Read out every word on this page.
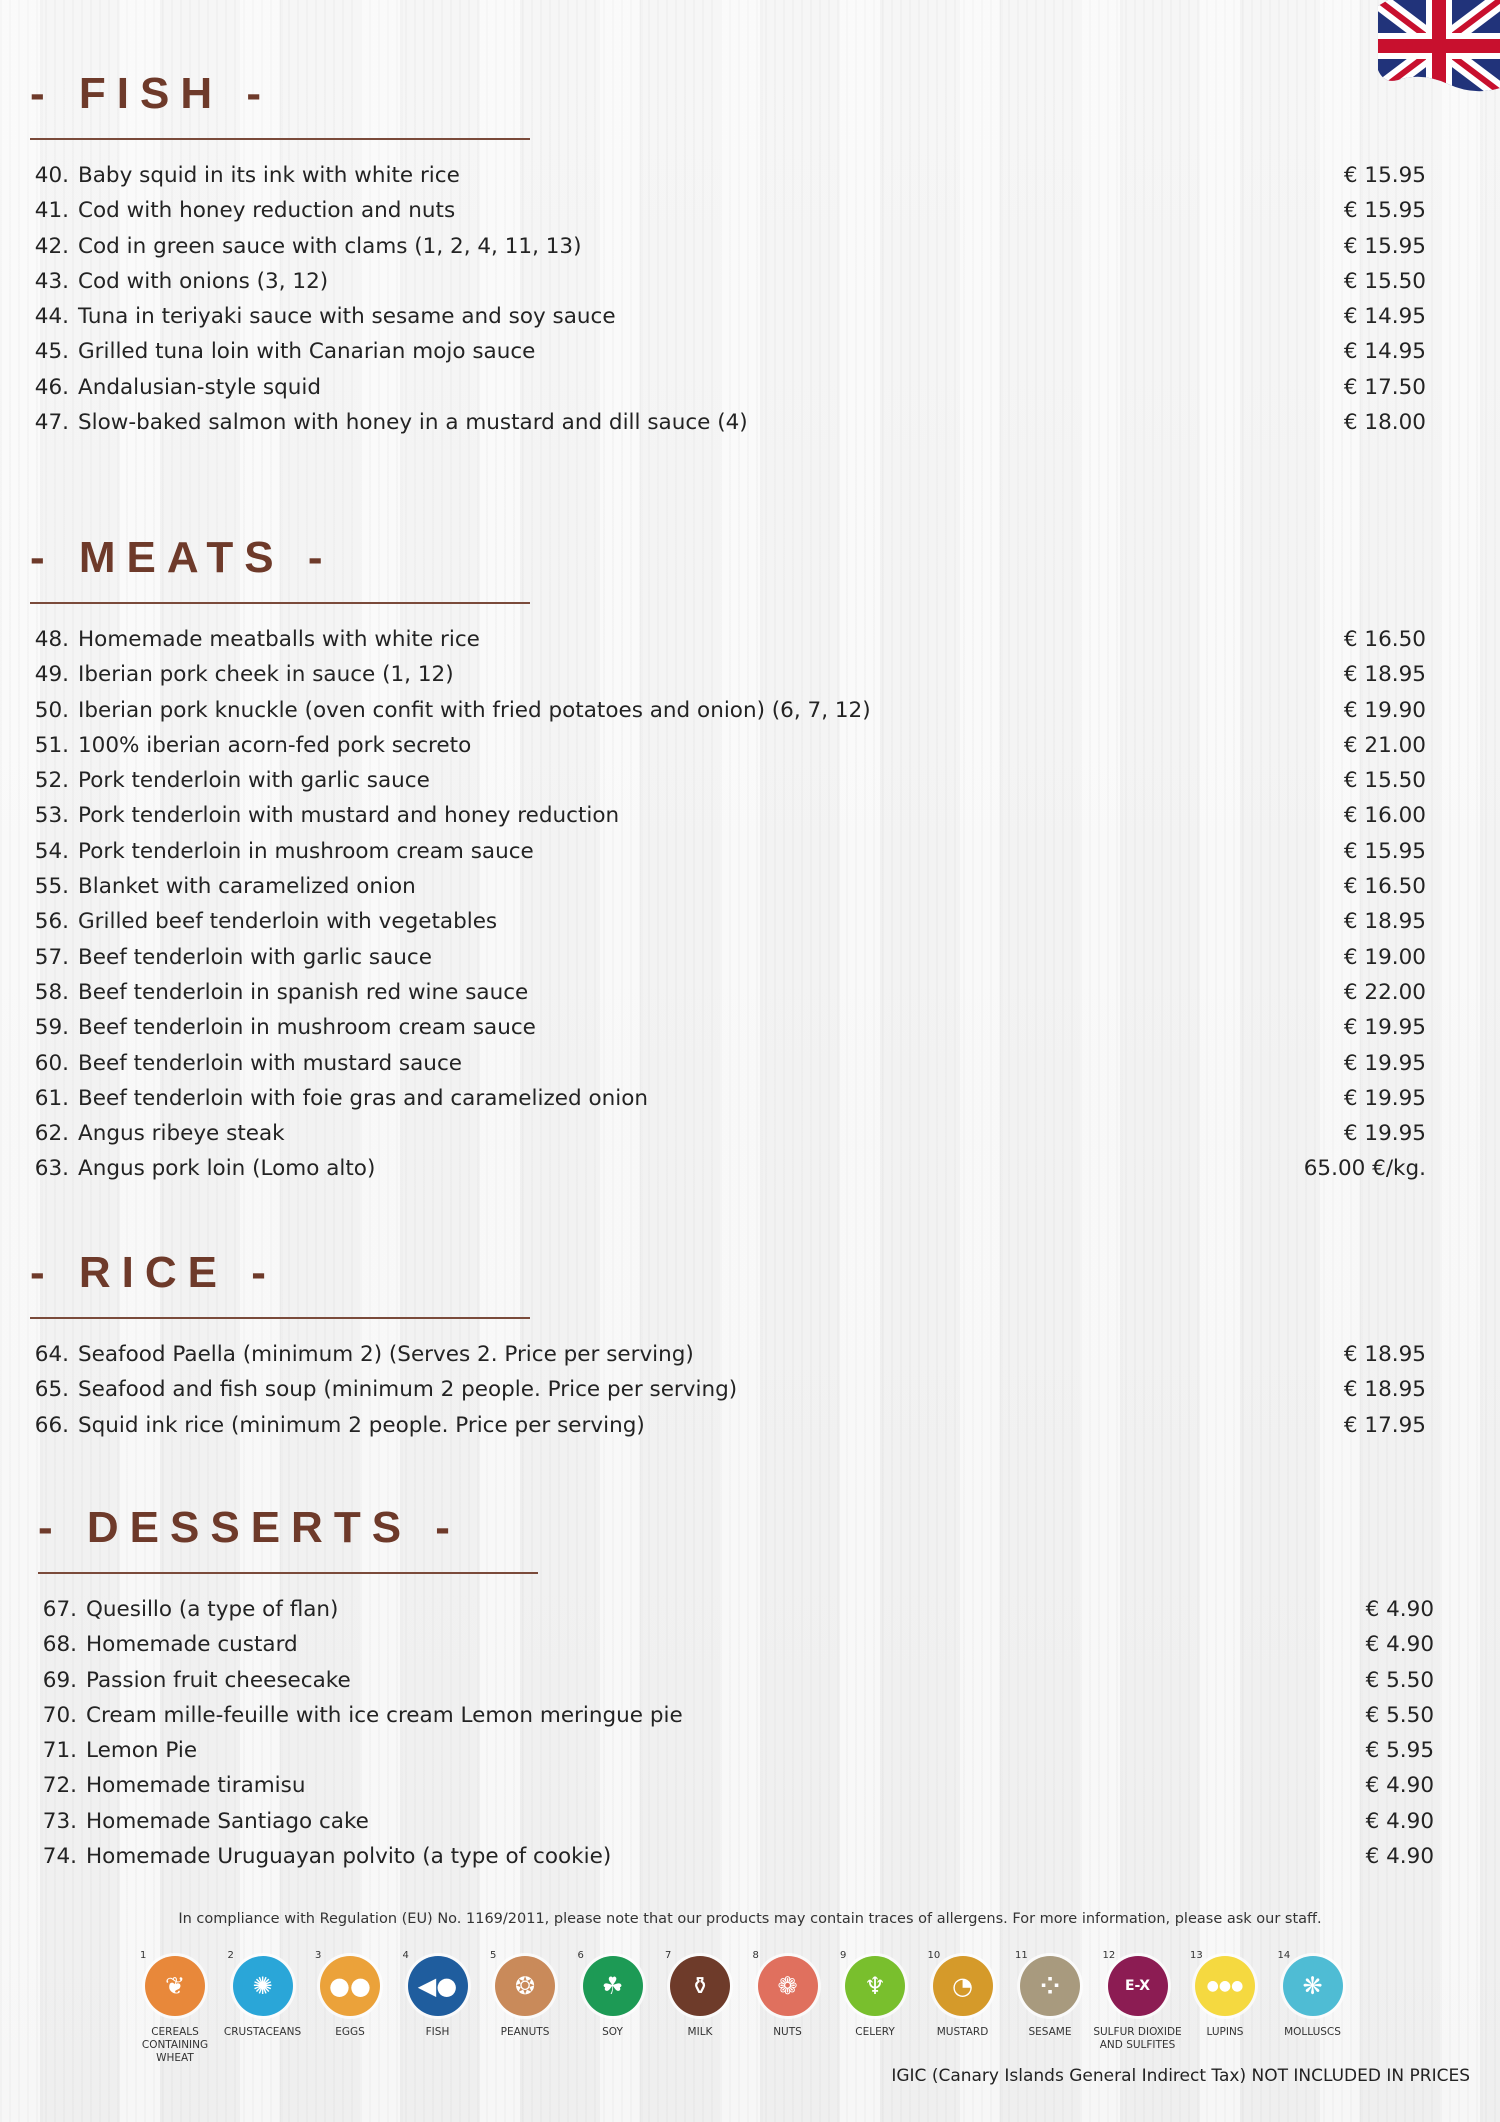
- FISH -
40. Baby squid in its ink with white rice	€ 15.95
41. Cod with honey reduction and nuts	€ 15.95
42. Cod in green sauce with clams (1, 2, 4, 11, 13)	€ 15.95
43. Cod with onions (3, 12)	€ 15.50
44. Tuna in teriyaki sauce with sesame and soy sauce	€ 14.95
45. Grilled tuna loin with Canarian mojo sauce	€ 14.95
46. Andalusian-style squid	€ 17.50
47. Slow-baked salmon with honey in a mustard and dill sauce (4)	€ 18.00
- MEATS -
48. Homemade meatballs with white rice	€ 16.50
49. Iberian pork cheek in sauce (1, 12)	€ 18.95
50. Iberian pork knuckle (oven confit with fried potatoes and onion) (6, 7, 12)	€ 19.90
51. 100% iberian acorn-fed pork secreto	€ 21.00
52. Pork tenderloin with garlic sauce	€ 15.50
53. Pork tenderloin with mustard and honey reduction	€ 16.00
54. Pork tenderloin in mushroom cream sauce	€ 15.95
55. Blanket with caramelized onion	€ 16.50
56. Grilled beef tenderloin with vegetables	€ 18.95
57. Beef tenderloin with garlic sauce	€ 19.00
58. Beef tenderloin in spanish red wine sauce	€ 22.00
59. Beef tenderloin in mushroom cream sauce	€ 19.95
60. Beef tenderloin with mustard sauce	€ 19.95
61. Beef tenderloin with foie gras and caramelized onion	€ 19.95
62. Angus ribeye steak	€ 19.95
63. Angus pork loin (Lomo alto)	65.00 €/kg.
- RICE -
64. Seafood Paella (minimum 2) (Serves 2. Price per serving)	€ 18.95
65. Seafood and fish soup (minimum 2 people. Price per serving)	€ 18.95
66. Squid ink rice (minimum 2 people. Price per serving)	€ 17.95
- DESSERTS -
67. Quesillo (a type of flan)	€ 4.90
68. Homemade custard	€ 4.90
69. Passion fruit cheesecake	€ 5.50
70. Cream mille-feuille with ice cream Lemon meringue pie	€ 5.50
71. Lemon Pie	€ 5.95
72. Homemade tiramisu	€ 4.90
73. Homemade Santiago cake	€ 4.90
74. Homemade Uruguayan polvito (a type of cookie)	€ 4.90
In compliance with Regulation (EU) No. 1169/2011, please note that our products may contain traces of allergens. For more information, please ask our staff.
1
❦
CEREALS CONTAINING WHEAT
2
✺
CRUSTACEANS
3
●●
EGGS
4
◀●
FISH
5
❂
PEANUTS
6
☘
SOY
7
⚱
MILK
8
❁
NUTS
9
♆
CELERY
10
◔
MUSTARD
11
⁘
SESAME
12
E-X
SULFUR DIOXIDE AND SULFITES
13
●●●
LUPINS
14
❋
MOLLUSCS
IGIC (Canary Islands General Indirect Tax) NOT INCLUDED IN PRICES
